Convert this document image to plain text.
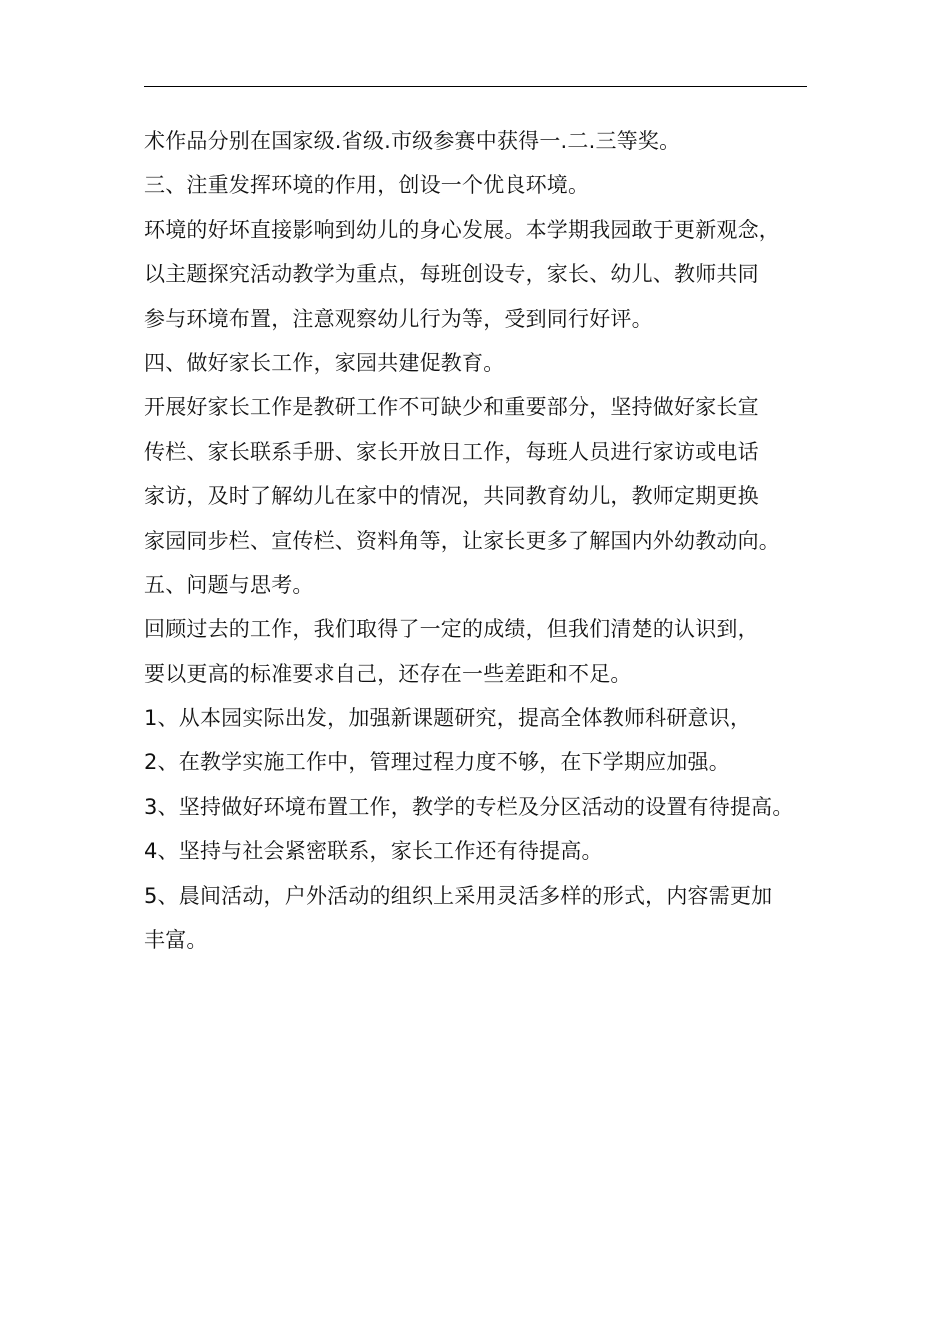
术作品分别在国家级.省级.市级参赛中获得一.二.三等奖。
三、注重发挥环境的作用，创设一个优良环境。
环境的好坏直接影响到幼儿的身心发展。本学期我园敢于更新观念，
以主题探究活动教学为重点，每班创设专，家长、幼儿、教师共同
参与环境布置，注意观察幼儿行为等，受到同行好评。
四、做好家长工作，家园共建促教育。
开展好家长工作是教研工作不可缺少和重要部分，坚持做好家长宣
传栏、家长联系手册、家长开放日工作，每班人员进行家访或电话
家访，及时了解幼儿在家中的情况，共同教育幼儿，教师定期更换
家园同步栏、宣传栏、资料角等，让家长更多了解国内外幼教动向。
五、问题与思考。
回顾过去的工作，我们取得了一定的成绩，但我们清楚的认识到，
要以更高的标准要求自己，还存在一些差距和不足。
1、从本园实际出发，加强新课题研究，提高全体教师科研意识，
2、在教学实施工作中，管理过程力度不够，在下学期应加强。
3、坚持做好环境布置工作，教学的专栏及分区活动的设置有待提高。
4、坚持与社会紧密联系，家长工作还有待提高。
5、晨间活动，户外活动的组织上采用灵活多样的形式，内容需更加
丰富。
